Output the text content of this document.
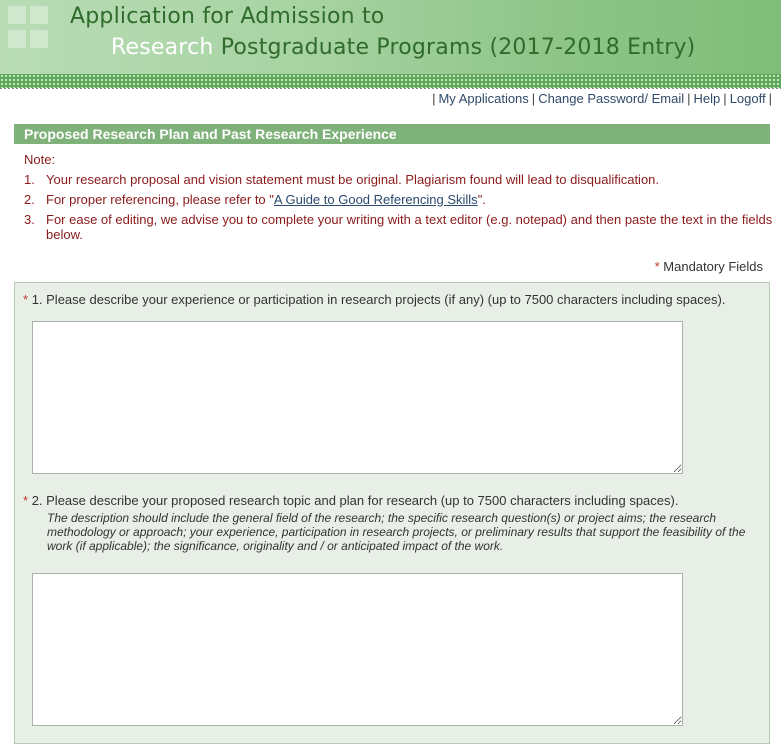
Application for Admission to
Research Postgraduate Programs (2017-2018 Entry)
| My Applications | Change Password/ Email | Help | Logoff |
Proposed Research Plan and Past Research Experience
Note:
1. Your research proposal and vision statement must be original. Plagiarism found will lead to disqualification.
2. For proper referencing, please refer to "A Guide to Good Referencing Skills".
3. For ease of editing, we advise you to complete your writing with a text editor (e.g. notepad) and then paste the text in the fields below.
* Mandatory Fields
* 1. Please describe your experience or participation in research projects (if any) (up to 7500 characters including spaces).
* 2. Please describe your proposed research topic and plan for research (up to 7500 characters including spaces).
The description should include the general field of the research; the specific research question(s) or project aims; the research methodology or approach; your experience, participation in research projects, or preliminary results that support the feasibility of the work (if applicable); the significance, originality and / or anticipated impact of the work.
